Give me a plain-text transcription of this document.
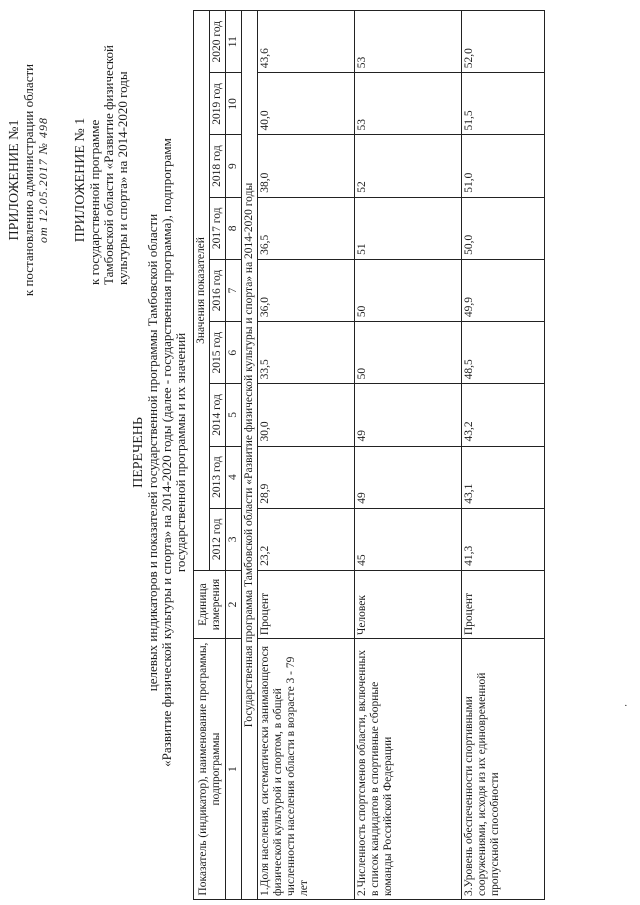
ПРИЛОЖЕНИЕ №1 к постановлению администрации области от 12.05.2017 № 498 ПРИЛОЖЕНИЕ № 1 к государственной программе Тамбовской области «Развитие физической культуры и спорта» на 2014-2020 годы
ПЕРЕЧЕНЬ целевых индикаторов и показателей государственной программы Тамбовской области «Развитие физической культуры и спорта» на 2014-2020 годы (далее - государственная программа), подпрограмм государственной программы и их значений
Показатель (индикатор), наименование программы, подпрограммы	Единица измерения	Значения показателей								
		2012 год	2013 год	2014 год	2015 год	2016 год	2017 год	2018 год	2019 год	2020 год
1	2	3	4	5	6	7	8	9	10	11
Государственная программа Тамбовской области «Развитие физической культуры и спорта» на 2014-2020 годы										
1.Доля населения, систематически занимающегося физической культурой и спортом, в общей численности населения области в возрасте 3 - 79 лет	Процент	23,2	28,9	30,0	33,5	36,0	36,5	38,0	40,0	43,6
2.Численность спортсменов области, включенных в список кандидатов в спортивные сборные команды Российской Федерации	Человек	45	49	49	50	50	51	52	53	53
3.Уровень обеспеченности спортивными сооружениями, исходя из их единовременной пропускной способности	Процент	41,3	43,1	43,2	48,5	49,9	50,0	51,0	51,5	52,0
·
